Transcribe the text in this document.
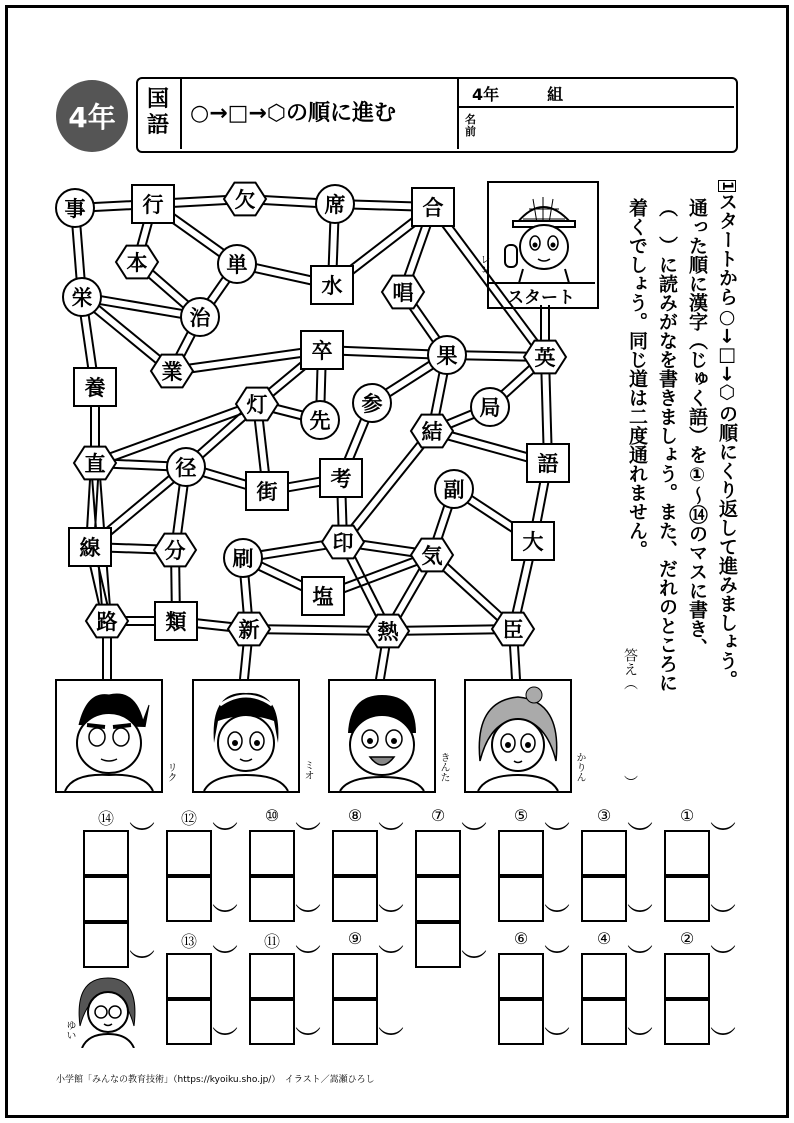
4年
国
語 ○→□→⬡の順に進む
4年　　　組
名
前
事	行	欠	席	合
本	単
水 唱
栄
治
卒
業
果	英
養
灯	参
先
局
結
直	径
街
考
語
副
線	分 刷
印
気
大
塩
路 類 新	熱	臣
スタート
レン
リク	ミオ	きんた	かりん
1スタートから○→□→⬡の順にくり返して進みましょう。
通った順に漢字（じゅく語）を①～⑭のマスに書き、
（　）に読みがなを書きましょう。また、だれのところに
着くでしょう。同じ道は二度通れません。
答え（
）
⑭
︶
︶
⑫
︶
︶
⑩
︶
︶
⑧
︶
︶
⑦
︶
︶
⑤
︶
︶
③
︶
︶
①
︶
︶
⑬
︶
︶
⑪
︶
︶
⑨
︶
︶
⑥
︶
︶
④
︶
︶
②
︶
︶
ゆい
小学館「みんなの教育技術」（https://kyoiku.sho.jp/）　イラスト／嵩瀬ひろし
